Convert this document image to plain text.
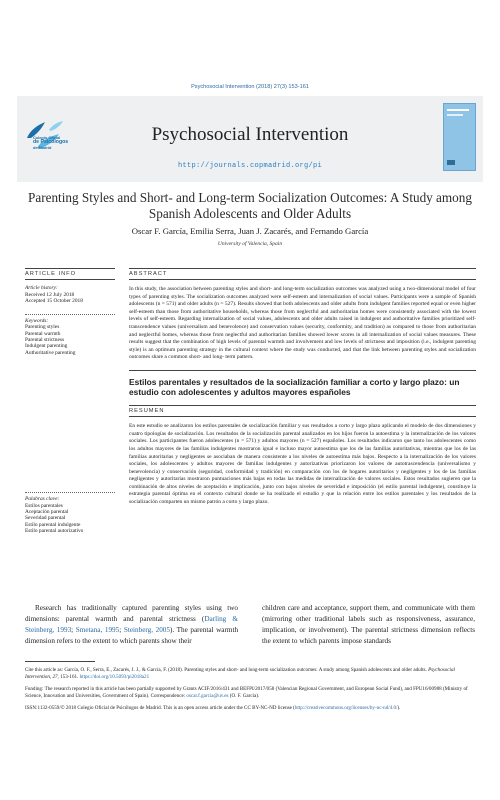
Psychosocial Intervention (2018) 27(3) 153-161
Colegio Oficial
de Psicólogos
de Madrid
Psychosocial Intervention
http://journals.copmadrid.org/pi
Parenting Styles and Short- and Long-term Socialization Outcomes: A Study among Spanish Adolescents and Older Adults
Oscar F. García, Emilia Serra, Juan J. Zacarés, and Fernando García
University of Valencia, Spain
ARTICLE INFO
Article history:
Received 12 July 2018
Accepted 15 October 2018
Keywords:
Parenting styles
Parental warmth
Parental strictness
Indulgent parenting
Authoritative parenting
Palabras clave:
Estilos parentales
Aceptación parental
Severidad parental
Estilo parental indulgente
Estilo parental autorizativo
ABSTRACT
In this study, the association between parenting styles and short- and long-term socialization outcomes was analyzed using a two-dimensional model of four types of parenting styles. The socialization outcomes analyzed were self-esteem and internalization of social values. Participants were a sample of Spanish adolescents (n = 571) and older adults (n = 527). Results showed that both adolescents and older adults from indulgent families reported equal or even higher self-esteem than those from authoritative households, whereas those from neglectful and authoritarian homes were consistently associated with the lowest levels of self-esteem. Regarding internalization of social values, adolescents and older adults raised in indulgent and authoritative families prioritized self-transcendence values (universalism and benevolence) and conservation values (security, conformity, and tradition) as compared to those from authoritarian and neglectful homes, whereas those from neglectful and authoritarian families showed lower scores in all internalization of social values measures. These results suggest that the combination of high levels of parental warmth and involvement and low levels of strictness and imposition (i.e., indulgent parenting style) is an optimum parenting strategy in the cultural context where the study was conducted, and that the link between parenting styles and socialization outcomes share a common short- and long- term pattern.
Estilos parentales y resultados de la socialización familiar a corto y largo plazo: un estudio con adolescentes y adultos mayores españoles
RESUMEN
En este estudio se analizaron los estilos parentales de socialización familiar y sus resultados a corto y largo plazo aplicando el modelo de dos dimensiones y cuatro tipologías de socialización. Los resultados de la socialización parental analizados en los hijos fueron la autoestima y la internalización de los valores sociales. Los participantes fueron adolescentes (n = 571) y adultos mayores (n = 527) españoles. Los resultados indicaron que tanto los adolescentes como los adultos mayores de las familias indulgentes mostraron igual e incluso mayor autoestima que los de las familias autoritativas, mientras que los de las familias autoritarias y negligentes se asociaban de manera consistente a los niveles de autoestima más bajos. Respecto a la internalización de los valores sociales, los adolescentes y adultos mayores de familias indulgentes y autorizativas priorizaron los valores de autotrascendencia (universalismo y benevolencia) y conservación (seguridad, conformidad y tradición) en comparación con los de hogares autoritarios y negligentes y los de las familias negligentes y autoritarias mostraron puntuaciones más bajas en todas las medidas de internalización de valores sociales. Estos resultados sugieren que la combinación de altos niveles de aceptación e implicación, junto con bajos niveles de severidad e imposición (el estilo parental indulgente), constituye la estrategia parental óptima en el contexto cultural donde se ha realizado el estudio y que la relación entre los estilos parentales y los resultados de la socialización comparten un mismo patrón a corto y largo plazo.
Research has traditionally captured parenting styles using two dimensions: parental warmth and parental strictness (Darling & Steinberg, 1993; Smetana, 1995; Steinberg, 2005). The parental warmth dimension refers to the extent to which parents show their
children care and acceptance, support them, and communicate with them (mirroring other traditional labels such as responsiveness, assurance, implication, or involvement). The parental strictness dimension reflects the extent to which parents impose standards
Cite this article as: García, O. F., Serra, E., Zacarés, J. J., & García, F. (2018). Parenting styles and short- and long-term socialization outcomes: A study among Spanish adolescents and older adults. Psychosocial Intervention, 27, 153-161. https://doi.org/10.5093/pi2018a21
Funding: The research reported in this article has been partially supported by Grants ACIF/2016/431 and BEFPI/2017/058 (Valencian Regional Government, and European Social Fund), and FPU16/00988 (Ministry of Science, Innovation and Universities, Government of Spain). Correspondence: oscar.f.garcia@uv.es (O. F. García).
ISSN:1132-0559/© 2018 Colegio Oficial de Psicólogos de Madrid. This is an open access article under the CC BY-NC-ND license (http://creativecommons.org/licenses/by-nc-nd/4.0/).
